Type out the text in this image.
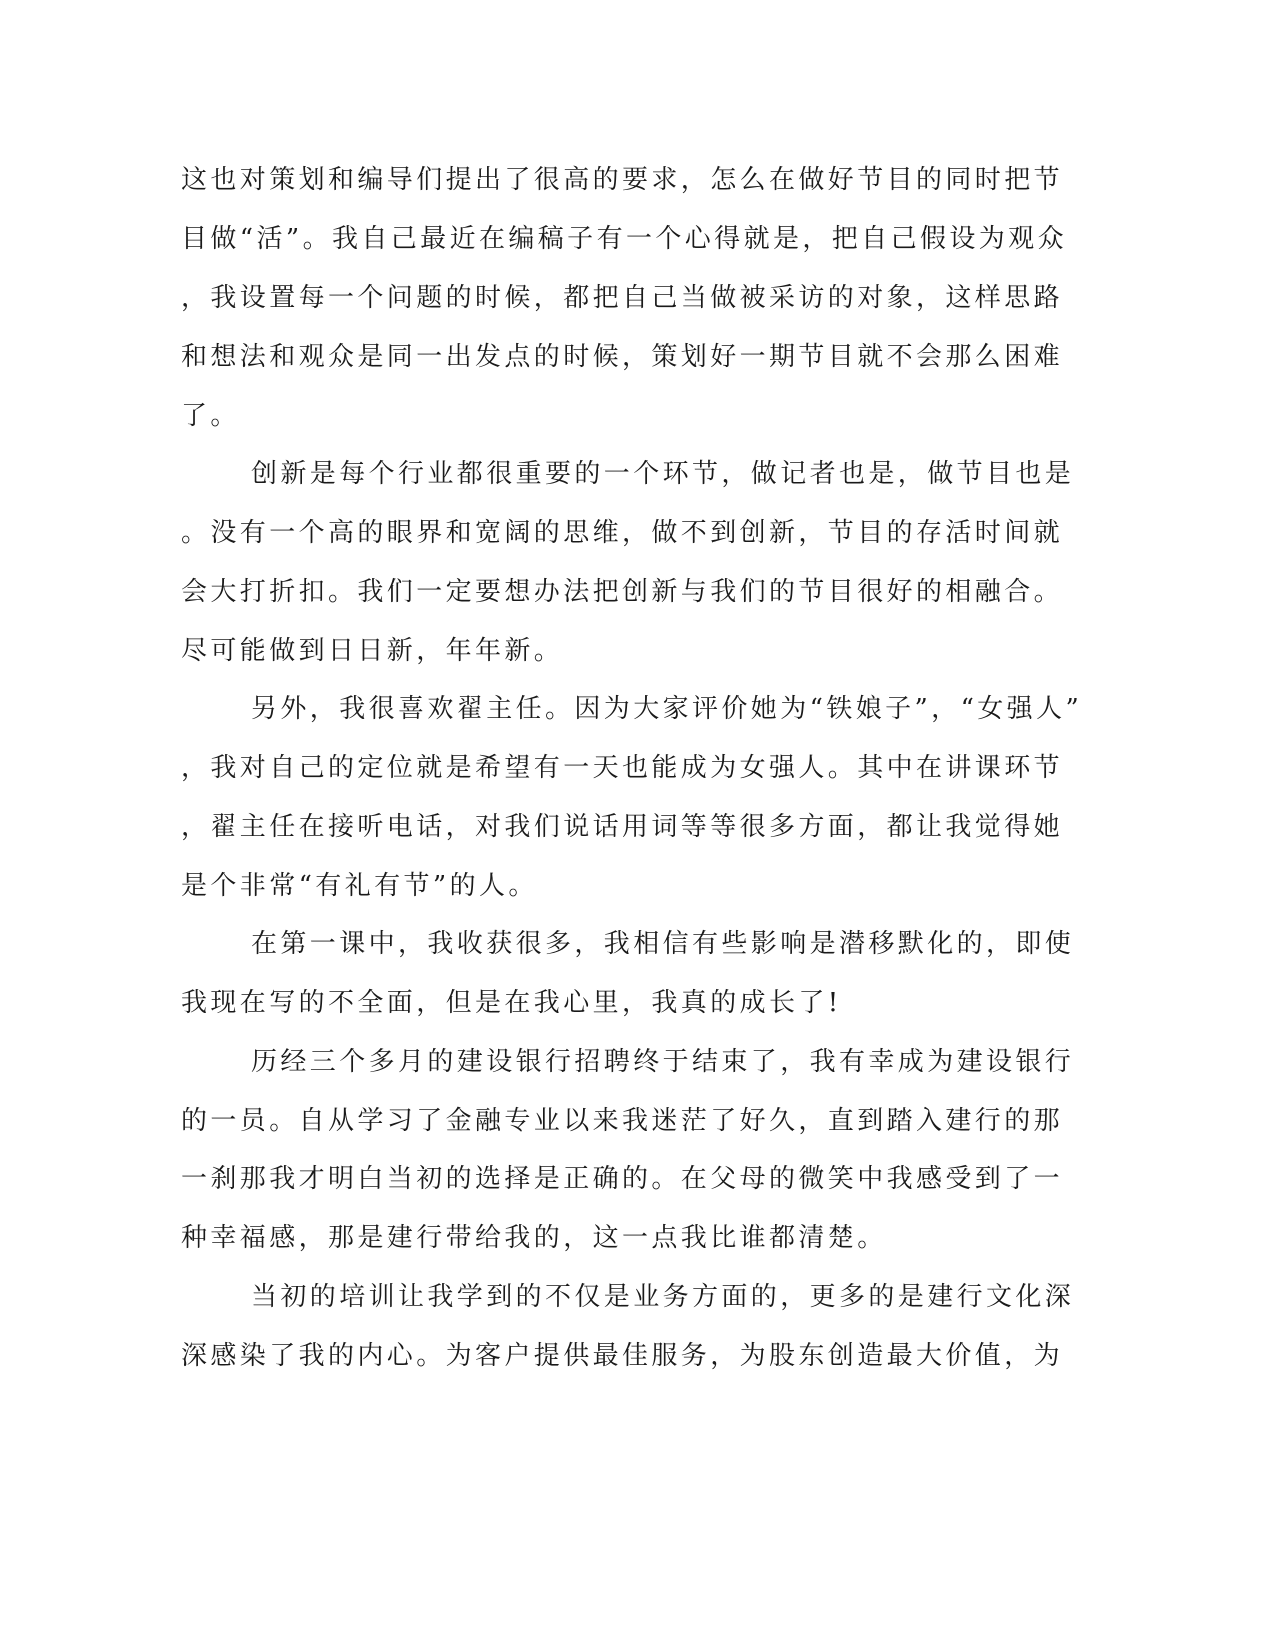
这也对策划和编导们提出了很高的要求，怎么在做好节目的同时把节
目做“活”。我自己最近在编稿子有一个心得就是，把自己假设为观众
，我设置每一个问题的时候，都把自己当做被采访的对象，这样思路
和想法和观众是同一出发点的时候，策划好一期节目就不会那么困难
了。
创新是每个行业都很重要的一个环节，做记者也是，做节目也是
。没有一个高的眼界和宽阔的思维，做不到创新，节目的存活时间就
会大打折扣。我们一定要想办法把创新与我们的节目很好的相融合。
尽可能做到日日新，年年新。
另外，我很喜欢翟主任。因为大家评价她为“铁娘子”，“女强人”
，我对自己的定位就是希望有一天也能成为女强人。其中在讲课环节
，翟主任在接听电话，对我们说话用词等等很多方面，都让我觉得她
是个非常“有礼有节”的人。
在第一课中，我收获很多，我相信有些影响是潜移默化的，即使
我现在写的不全面，但是在我心里，我真的成长了!
历经三个多月的建设银行招聘终于结束了，我有幸成为建设银行
的一员。自从学习了金融专业以来我迷茫了好久，直到踏入建行的那
一刹那我才明白当初的选择是正确的。在父母的微笑中我感受到了一
种幸福感，那是建行带给我的，这一点我比谁都清楚。
当初的培训让我学到的不仅是业务方面的，更多的是建行文化深
深感染了我的内心。为客户提供最佳服务，为股东创造最大价值，为
